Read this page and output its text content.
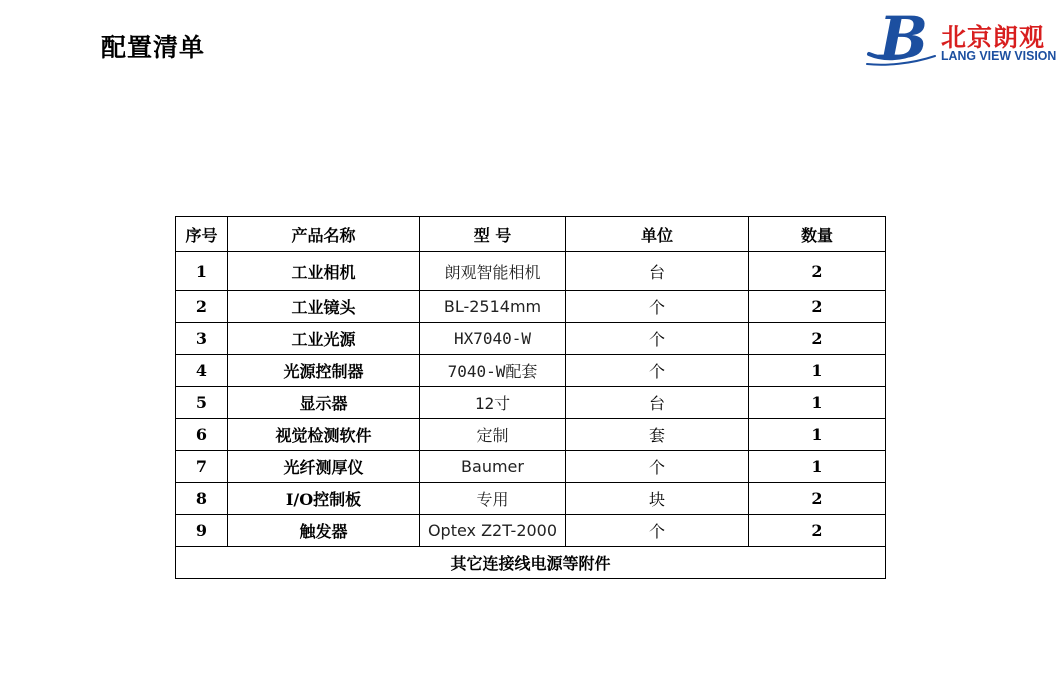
配置清单	B 北京朗观
LANG VIEW VISION
序号	产品名称	型 号	单位	数量
1	工业相机	朗观智能相机	台	2
2	工业镜头	BL-2514mm	个	2
3	工业光源	HX7040-W	个	2
4	光源控制器	7040-W配套	个	1
5	显示器	12寸	台	1
6	视觉检测软件	定制	套	1
7	光纤测厚仪	Baumer	个	1
8	I/O控制板	专用	块	2
9	触发器	Optex Z2T-2000	个	2
其它连接线电源等附件				
